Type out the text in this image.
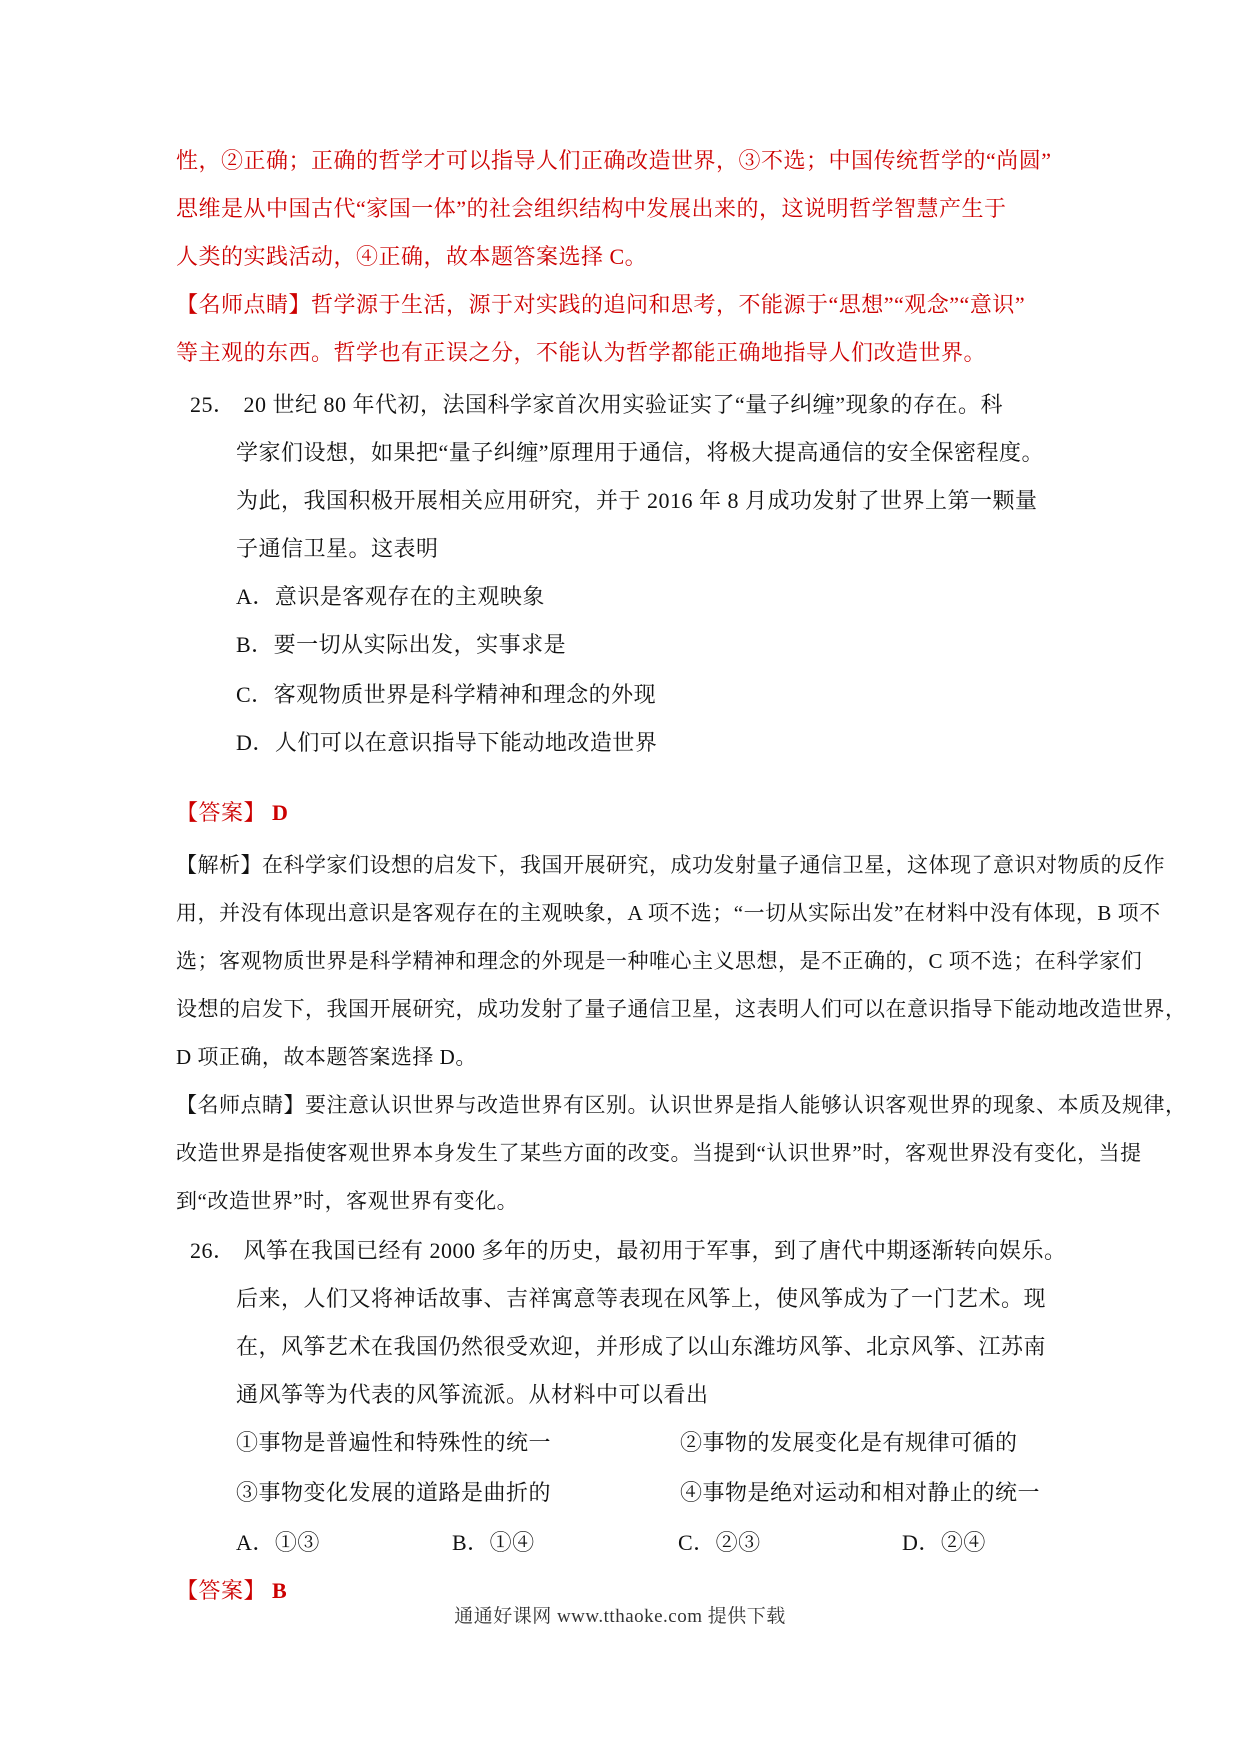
性，②正确；正确的哲学才可以指导人们正确改造世界，③不选；中国传统哲学的“尚圆”
思维是从中国古代“家国一体”的社会组织结构中发展出来的，这说明哲学智慧产生于
人类的实践活动，④正确，故本题答案选择 C。
【名师点睛】哲学源于生活，源于对实践的追问和思考，不能源于“思想”“观念”“意识”
等主观的东西。哲学也有正误之分，不能认为哲学都能正确地指导人们改造世界。
25． 20 世纪 80 年代初，法国科学家首次用实验证实了“量子纠缠”现象的存在。科
学家们设想，如果把“量子纠缠”原理用于通信，将极大提高通信的安全保密程度。
为此，我国积极开展相关应用研究，并于 2016 年 8 月成功发射了世界上第一颗量
子通信卫星。这表明
A．意识是客观存在的主观映象
B．要一切从实际出发，实事求是
C．客观物质世界是科学精神和理念的外现
D．人们可以在意识指导下能动地改造世界
【答案】 D
【解析】在科学家们设想的启发下，我国开展研究，成功发射量子通信卫星，这体现了意识对物质的反作
用，并没有体现出意识是客观存在的主观映象，A 项不选；“一切从实际出发”在材料中没有体现，B 项不
选；客观物质世界是科学精神和理念的外现是一种唯心主义思想，是不正确的，C 项不选；在科学家们
设想的启发下，我国开展研究，成功发射了量子通信卫星，这表明人们可以在意识指导下能动地改造世界，
D 项正确，故本题答案选择 D。
【名师点睛】要注意认识世界与改造世界有区别。认识世界是指人能够认识客观世界的现象、本质及规律，
改造世界是指使客观世界本身发生了某些方面的改变。当提到“认识世界”时，客观世界没有变化，当提
到“改造世界”时，客观世界有变化。
26． 风筝在我国已经有 2000 多年的历史，最初用于军事，到了唐代中期逐渐转向娱乐。
后来，人们又将神话故事、吉祥寓意等表现在风筝上，使风筝成为了一门艺术。现
在，风筝艺术在我国仍然很受欢迎，并形成了以山东潍坊风筝、北京风筝、江苏南
通风筝等为代表的风筝流派。从材料中可以看出
①事物是普遍性和特殊性的统一	②事物的发展变化是有规律可循的
③事物变化发展的道路是曲折的	④事物是绝对运动和相对静止的统一
A．①③	B．①④	C．②③	D．②④
【答案】 B
通通好课网 www.tthaoke.com 提供下载
